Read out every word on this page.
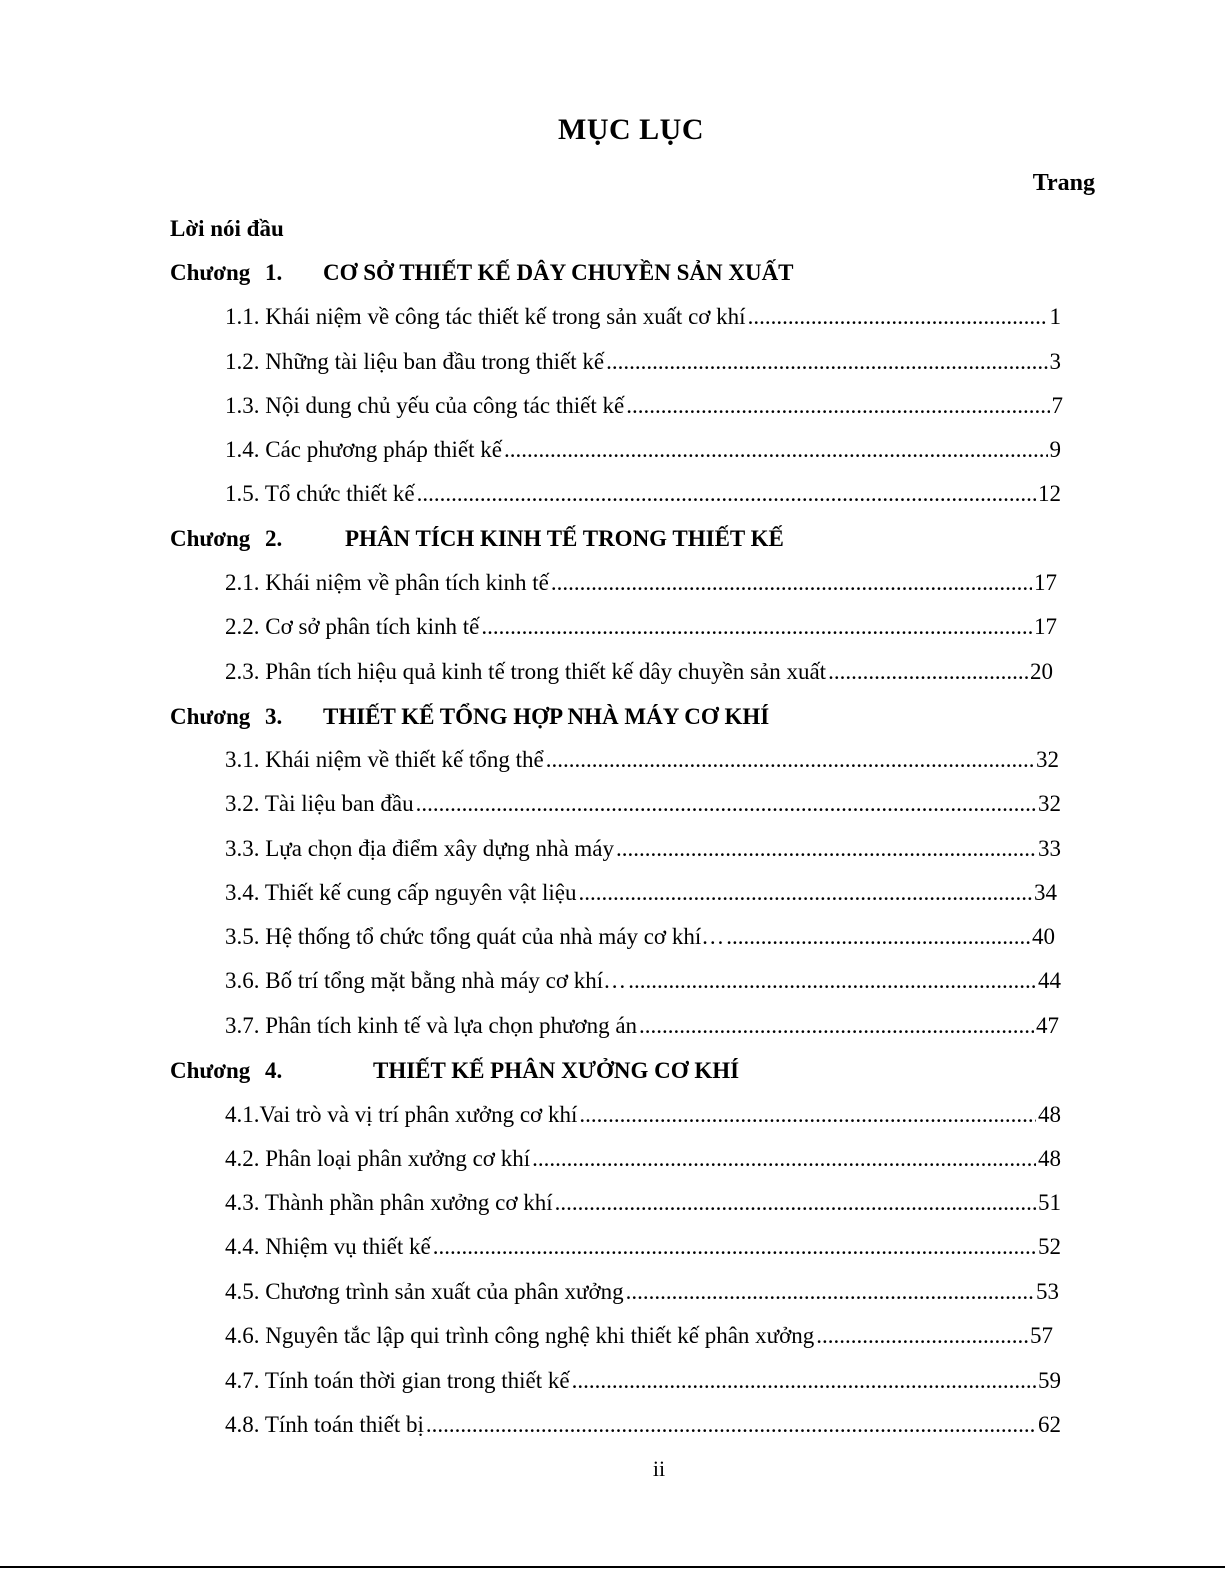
MỤC LỤC
Trang
Lời nói đầu
Chương 1. CƠ SỞ THIẾT KẾ DÂY CHUYỀN SẢN XUẤT
1.1. Khái niệm về công tác thiết kế trong sản xuất cơ khí .....	1
1.2. Những tài liệu ban đầu trong thiết kế .....	3
1.3. Nội dung chủ yếu của công tác thiết kế .....	7
1.4. Các phương pháp thiết kế .....	9
1.5. Tổ chức thiết kế .....	12
Chương 2.	PHÂN TÍCH KINH TẾ TRONG THIẾT KẾ
2.1. Khái niệm về phân tích kinh tế .....	17
2.2. Cơ sở phân tích kinh tế .....	17
2.3. Phân tích hiệu quả kinh tế trong thiết kế dây chuyền sản xuất .....	20
Chương 3. THIẾT KẾ TỔNG HỢP NHÀ MÁY CƠ KHÍ
3.1. Khái niệm về thiết kế tổng thể .....	32
3.2. Tài liệu ban đầu .....	32
3.3. Lựa chọn địa điểm xây dựng nhà máy .....	33
3.4. Thiết kế cung cấp nguyên vật liệu .....	34
3.5. Hệ thống tổ chức tổng quát của nhà máy cơ khí… .....	40
3.6. Bố trí tổng mặt bằng nhà máy cơ khí… .....	44
3.7. Phân tích kinh tế và lựa chọn phương án .....	47
Chương 4.	THIẾT KẾ PHÂN XƯỞNG CƠ KHÍ
4.1.Vai trò và vị trí phân xưởng cơ khí .....	48
4.2. Phân loại phân xưởng cơ khí .....	48
4.3. Thành phần phân xưởng cơ khí .....	51
4.4. Nhiệm vụ thiết kế .....	52
4.5. Chương trình sản xuất của phân xưởng .....	53
4.6. Nguyên tắc lập qui trình công nghệ khi thiết kế phân xưởng .....	57
4.7. Tính toán thời gian trong thiết kế .....	59
4.8. Tính toán thiết bị .....	62
ii
